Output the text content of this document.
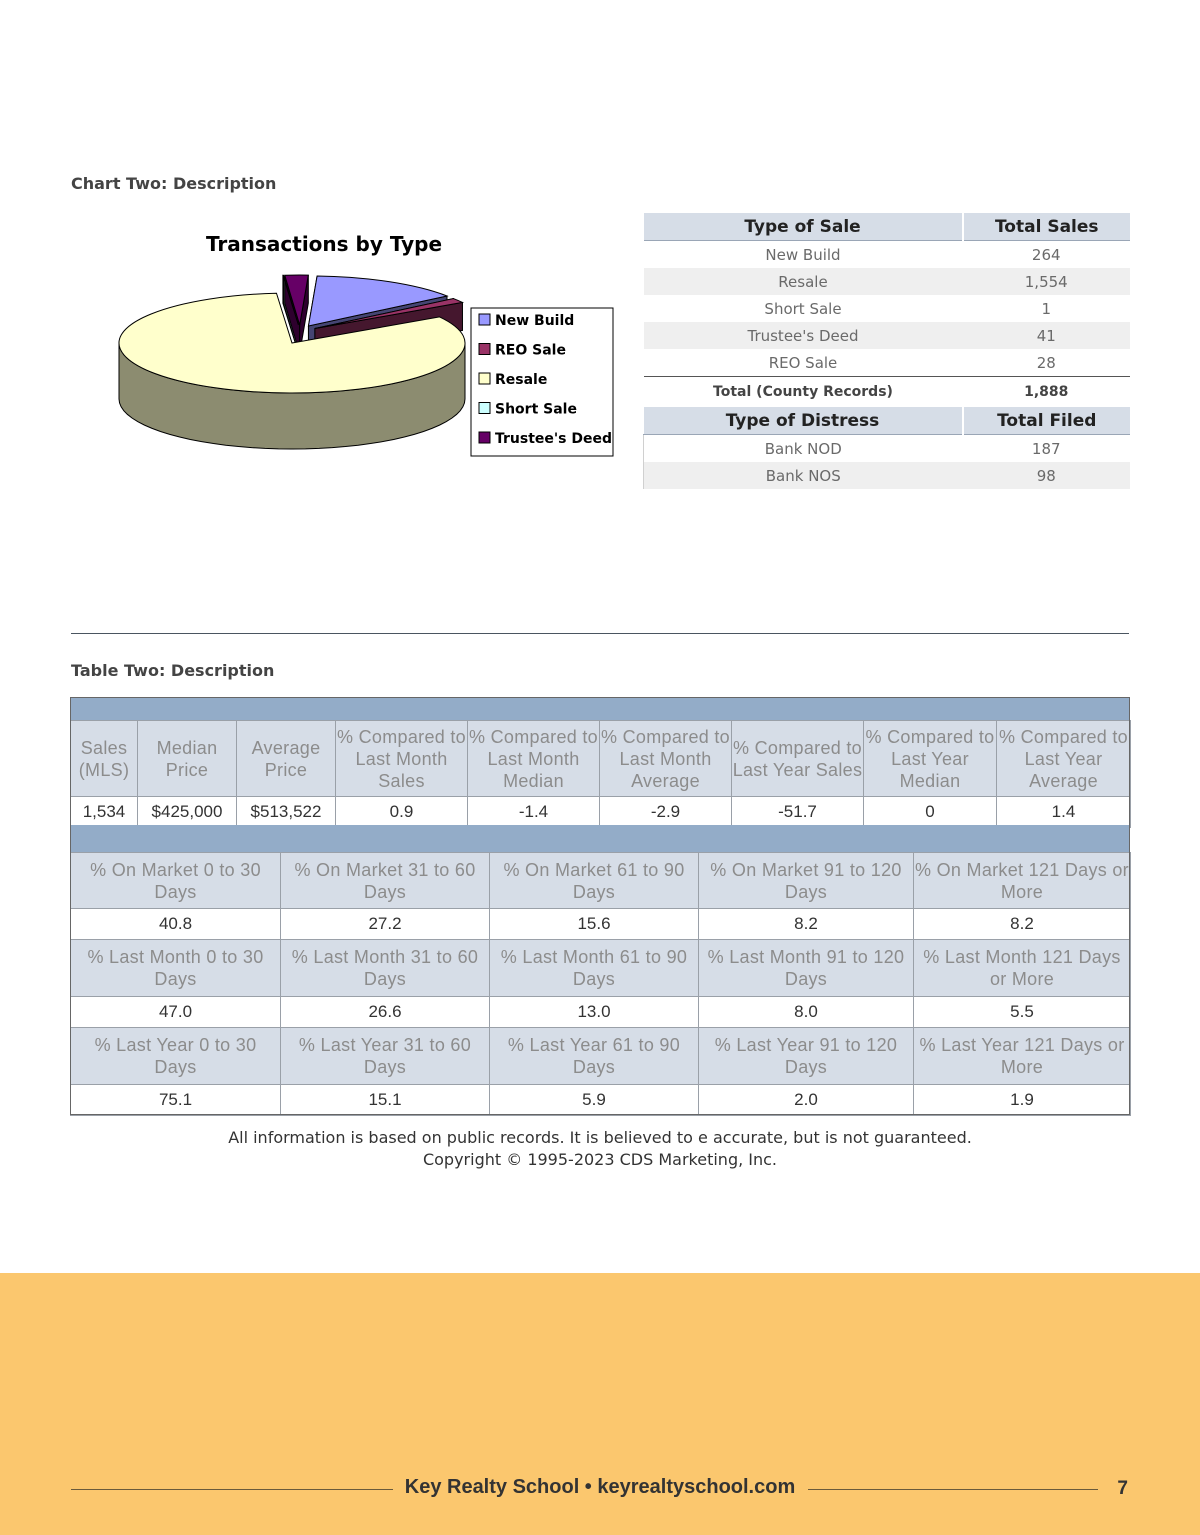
Chart Two: Description
Transactions by Type
New Build
REO Sale
Resale
Short Sale
Trustee's Deed
Type of Sale	Total Sales
New Build	264
Resale	1,554
Short Sale	1
Trustee's Deed	41
REO Sale	28
Total (County Records)	1,888
Type of Distress	Total Filed
Bank NOD	187
Bank NOS	98
Table Two: Description
Sales (MLS)	Median Price	Average Price	% Compared to Last Month Sales	% Compared to Last Month Median	% Compared to Last Month Average	% Compared to Last Year Sales	% Compared to Last Year Median	% Compared to Last Year Average
1,534	$425,000	$513,522	0.9	-1.4	-2.9	-51.7	0	1.4
% On Market 0 to 30 Days	% On Market 31 to 60 Days	% On Market 61 to 90 Days	% On Market 91 to 120 Days	% On Market 121 Days or More
40.8	27.2	15.6	8.2	8.2
% Last Month 0 to 30 Days	% Last Month 31 to 60 Days	% Last Month 61 to 90 Days	% Last Month 91 to 120 Days	% Last Month 121 Days or More
47.0	26.6	13.0	8.0	5.5
% Last Year 0 to 30 Days	% Last Year 31 to 60 Days	% Last Year 61 to 90 Days	% Last Year 91 to 120 Days	% Last Year 121 Days or More
75.1	15.1	5.9	2.0	1.9
All information is based on public records. It is believed to e accurate, but is not guaranteed.
Copyright © 1995-2023 CDS Marketing, Inc.
Key Realty School • keyrealtyschool.com	7
